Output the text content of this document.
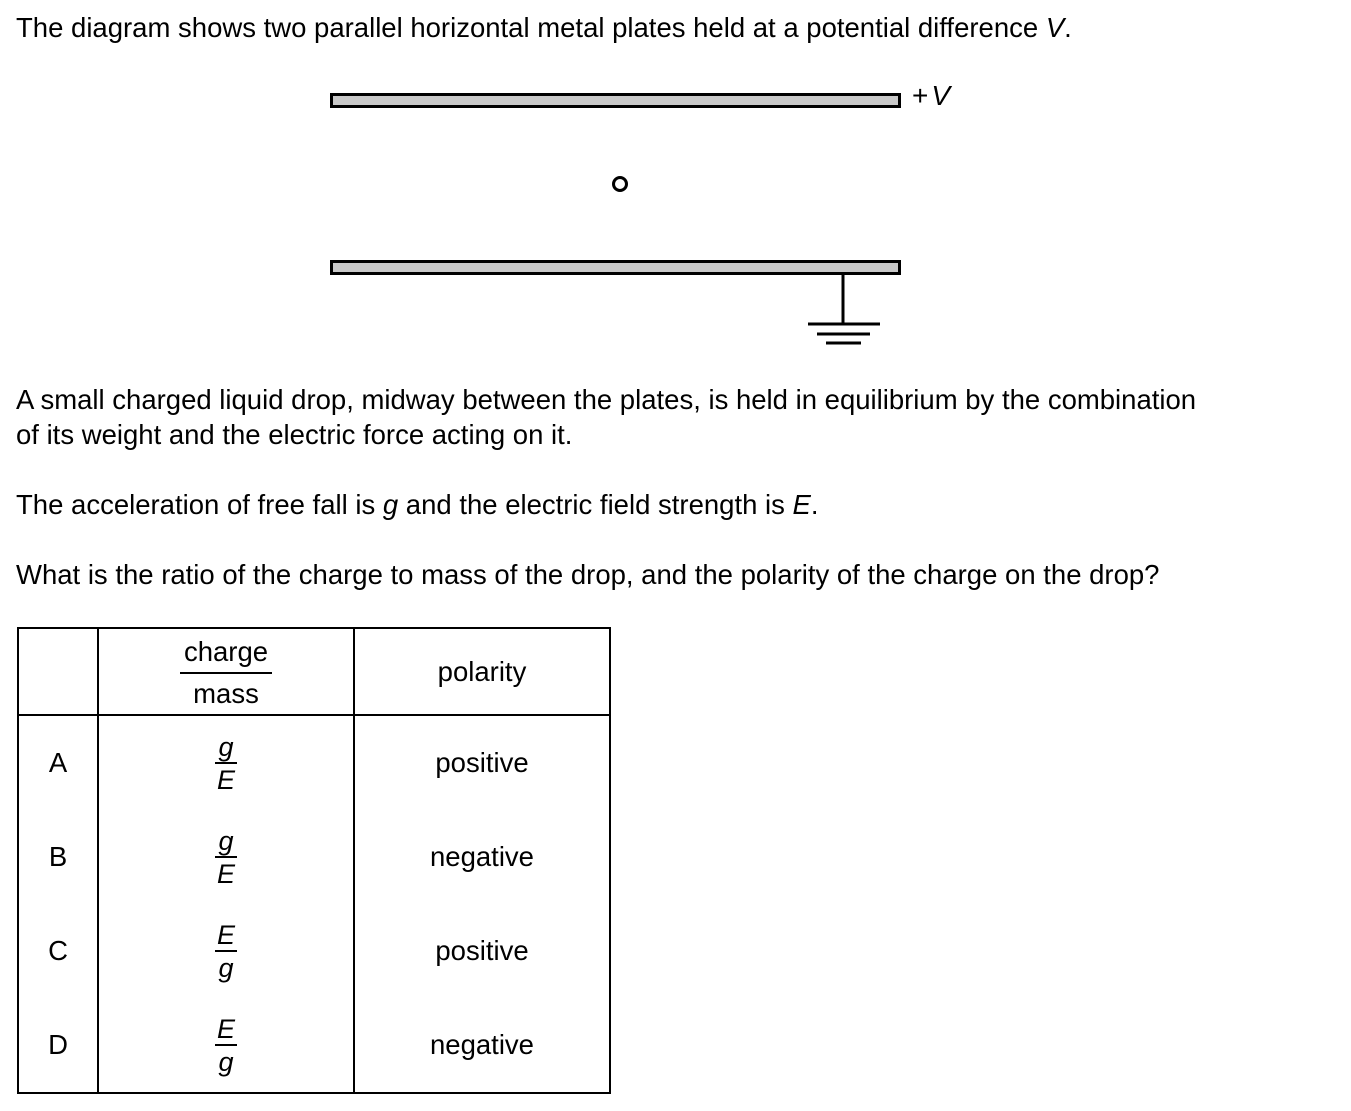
The diagram shows two parallel horizontal metal plates held at a potential difference V.

+ V

A small charged liquid drop, midway between the plates, is held in equilibrium by the combination
of its weight and the electric force acting on it.

The acceleration of free fall is g and the electric field strength is E.

What is the ratio of the charge to mass of the drop, and the polarity of the charge on the drop?

	$\frac{\text{charge}}{\text{mass}}$	polarity
A	$\frac{g}{E}$	positive
B	$\frac{g}{E}$	negative
C	$\frac{E}{g}$	positive
D	$\frac{E}{g}$	negative
